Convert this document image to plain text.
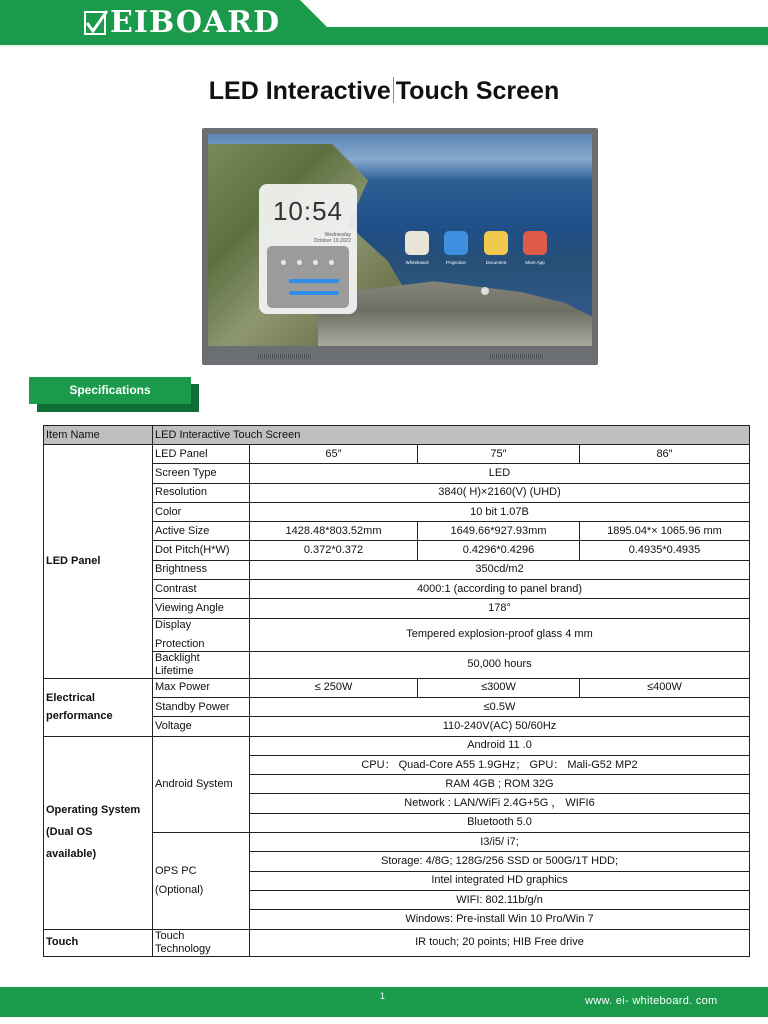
EIBOARD
LED Interactive Touch Screen
10:54
Wednesday
October 19,2022
Whiteboard	Projection	Document	More App
Specifications
Item Name	LED Interactive Touch Screen			
LED Panel	LED Panel	65″	75″	86″
	Screen Type	LED		
	Resolution	3840( H)×2160(V) (UHD)		
	Color	10 bit 1.07B		
	Active Size	1428.48*803.52mm	1649.66*927.93mm	1895.04*× 1065.96 mm
	Dot Pitch(H*W)	0.372*0.372	0.4296*0.4296	0.4935*0.4935
	Brightness	350cd/m2		
	Contrast	4000:1 (according to panel brand)		
	Viewing Angle	178°		

	Display
Protection	Tempered explosion-proof glass 4 mm		

	Backlight
Lifetime	50,000 hours		

Electrical
performance	Max Power	≤ 250W	≤300W	≤400W
	Standby Power	≤0.5W		
	Voltage	110-240V(AC) 50/60Hz		

Operating System
(Dual OS
available)	Android System	Android 11 .0		
		CPU： Quad-Core A55 1.9GHz； GPU： Mali-G52 MP2		
		RAM 4GB ; ROM 32G		
		Network : LAN/WiFi 2.4G+5G ， WIFI6		
		Bluetooth 5.0		

	OPS PC
(Optional)	I3/i5/ i7;		
		Storage: 4/8G; 128G/256 SSD or 500G/1T HDD;		
		Intel integrated HD graphics		
		WIFI: 802.11b/g/n		
		Windows: Pre-install Win 10 Pro/Win 7		
Touch	Touch
Technology	IR touch; 20 points; HIB Free drive		
1	www. ei- whiteboard. com
